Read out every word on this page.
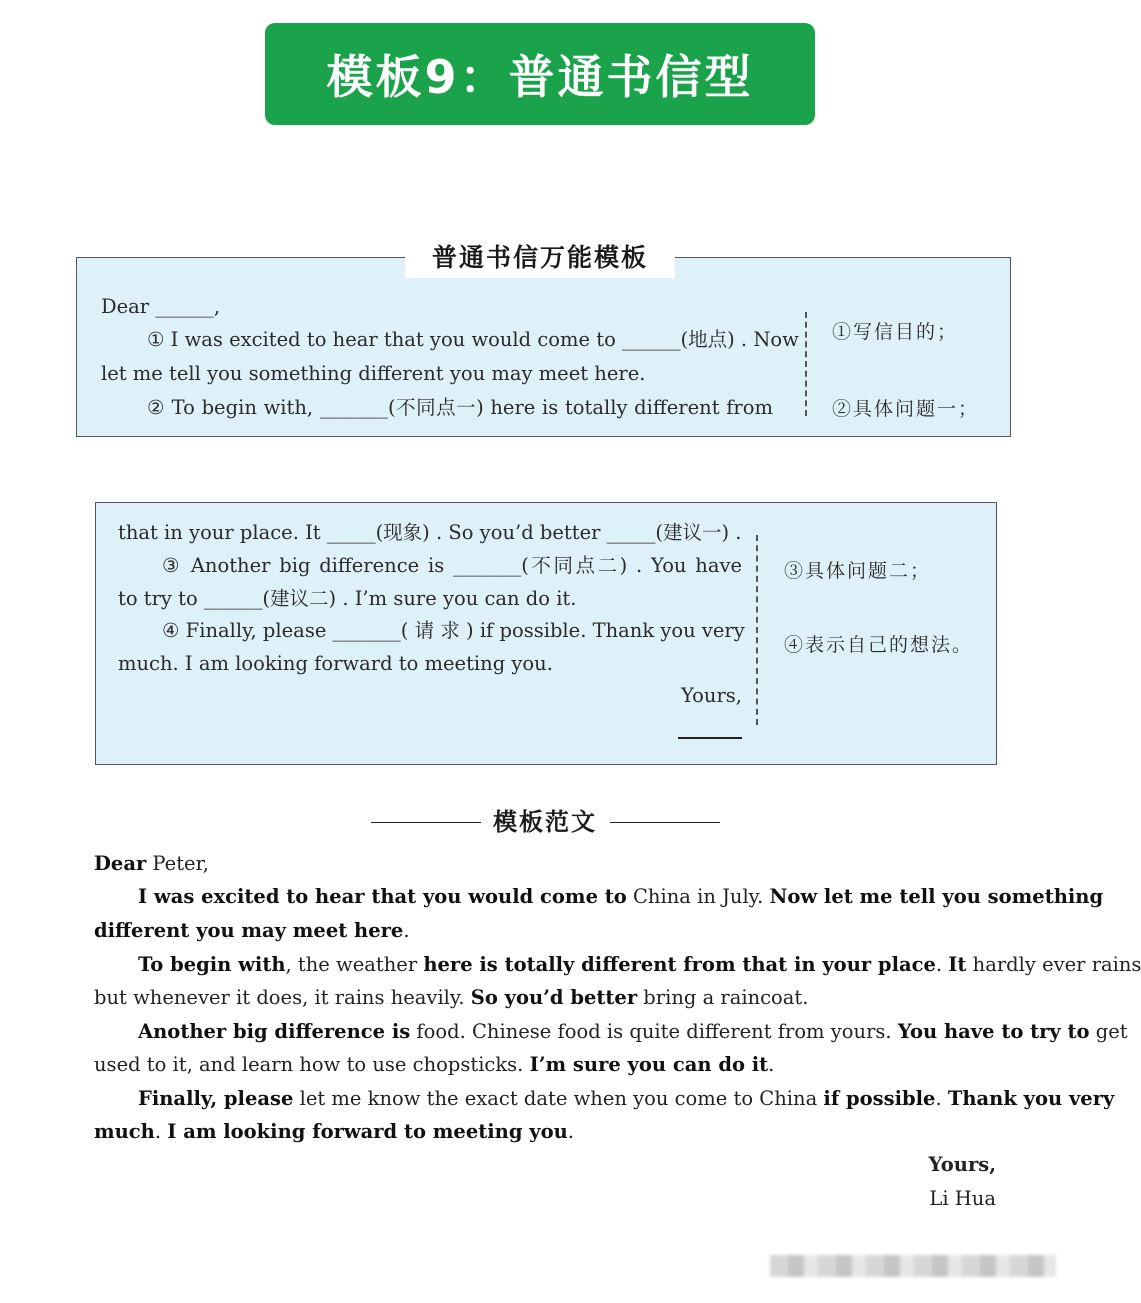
模板9：普通书信型
普通书信万能模板
Dear ______,
① I was excited to hear that you would come to ______(地点) . Now
let me tell you something different you may meet here.
② To begin with, _______(不同点一) here is totally different from
①写信目的；
②具体问题一；
that in your place. It _____(现象) . So you’d better _____(建议一) .
③ Another big difference is _______(不同点二) . You have
to try to ______(建议二) . I’m sure you can do it.
④ Finally, please _______( 请 求 ) if possible. Thank you very
much. I am looking forward to meeting you.
Yours,
③具体问题二；
④表示自己的想法。
模板范文
Dear Peter,
I was excited to hear that you would come to China in July. Now let me tell you something
different you may meet here.
To begin with, the weather here is totally different from that in your place. It hardly ever rains
but whenever it does, it rains heavily. So you’d better bring a raincoat.
Another big difference is food. Chinese food is quite different from yours. You have to try to get
used to it, and learn how to use chopsticks. I’m sure you can do it.
Finally, please let me know the exact date when you come to China if possible. Thank you very
much. I am looking forward to meeting you.
Yours,
Li Hua
